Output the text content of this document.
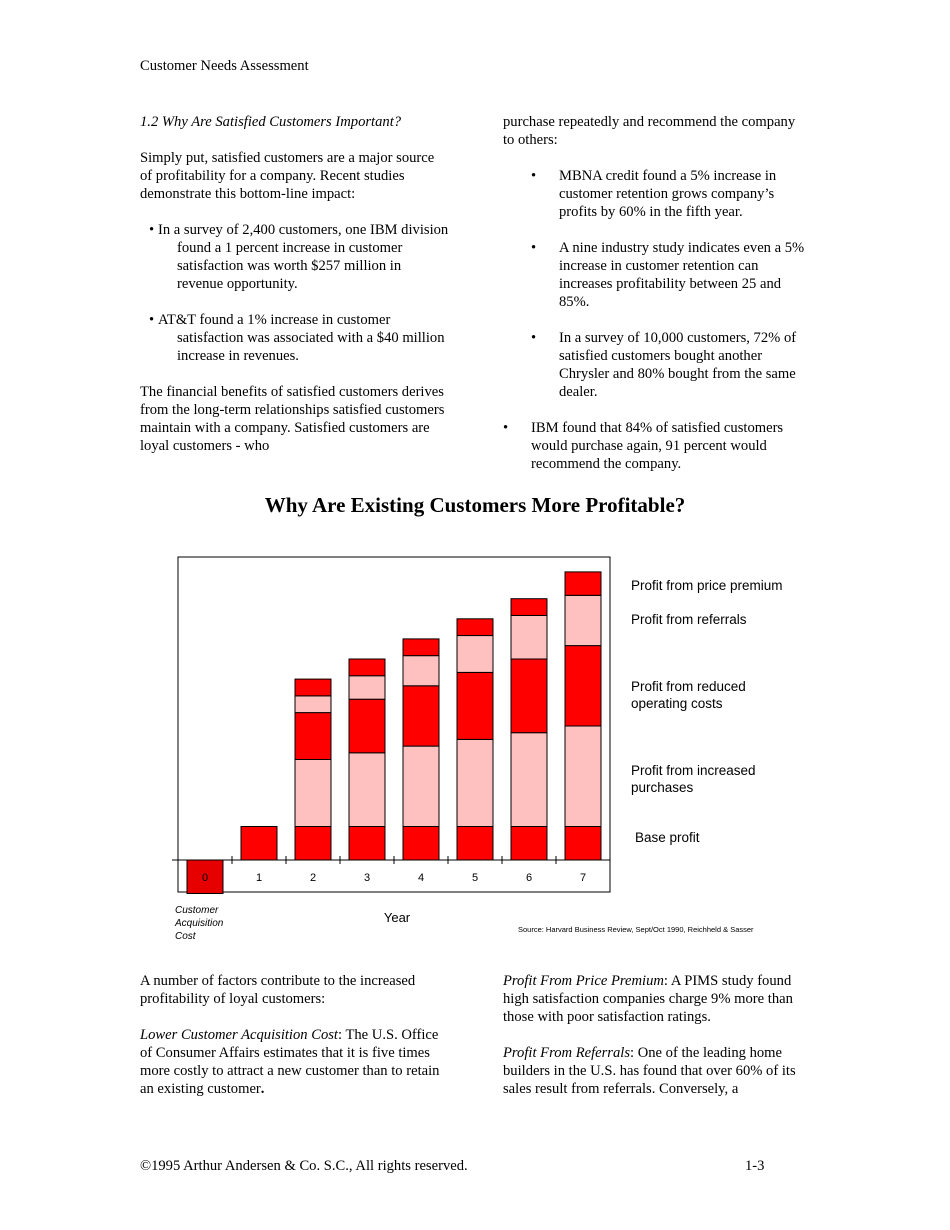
Customer Needs Assessment

1.2 Why Are Satisfied Customers Important?

Simply put, satisfied customers are a major source of profitability for a company. Recent studies demonstrate this bottom-line impact:

• In a survey of 2,400 customers, one IBM division found a 1 percent increase in customer satisfaction was worth $257 million in revenue opportunity.

• AT&T found a 1% increase in customer satisfaction was associated with a $40 million increase in revenues.

The financial benefits of satisfied customers derives from the long-term relationships satisfied customers maintain with a company. Satisfied customers are loyal customers - who

purchase repeatedly and recommend the company to others:

• MBNA credit found a 5% increase in customer retention grows company’s profits by 60% in the fifth year.

• A nine industry study indicates even a 5% increase in customer retention can increases profitability between 25 and 85%.

• In a survey of 10,000 customers, 72% of satisfied customers bought another Chrysler and 80% bought from the same dealer.

• IBM found that 84% of satisfied customers would purchase again, 91 percent would recommend the company.

Why Are Existing Customers More Profitable?
0	1	2	3	4	5	6	7
Customer
Acquisition
Cost
Year
Source: Harvard Business Review, Sept/Oct 1990, Reichheld & Sasser
Profit from price premium
Profit from referrals
Profit from reduced
operating costs
Profit from increased
purchases
Base profit

A number of factors contribute to the increased profitability of loyal customers:

Lower Customer Acquisition Cost: The U.S. Office of Consumer Affairs estimates that it is five times more costly to attract a new customer than to retain an existing customer.

Profit From Price Premium: A PIMS study found high satisfaction companies charge 9% more than those with poor satisfaction ratings.

Profit From Referrals: One of the leading home builders in the U.S. has found that over 60% of its sales result from referrals. Conversely, a

©1995 Arthur Andersen & Co. S.C., All rights reserved.	1-3
